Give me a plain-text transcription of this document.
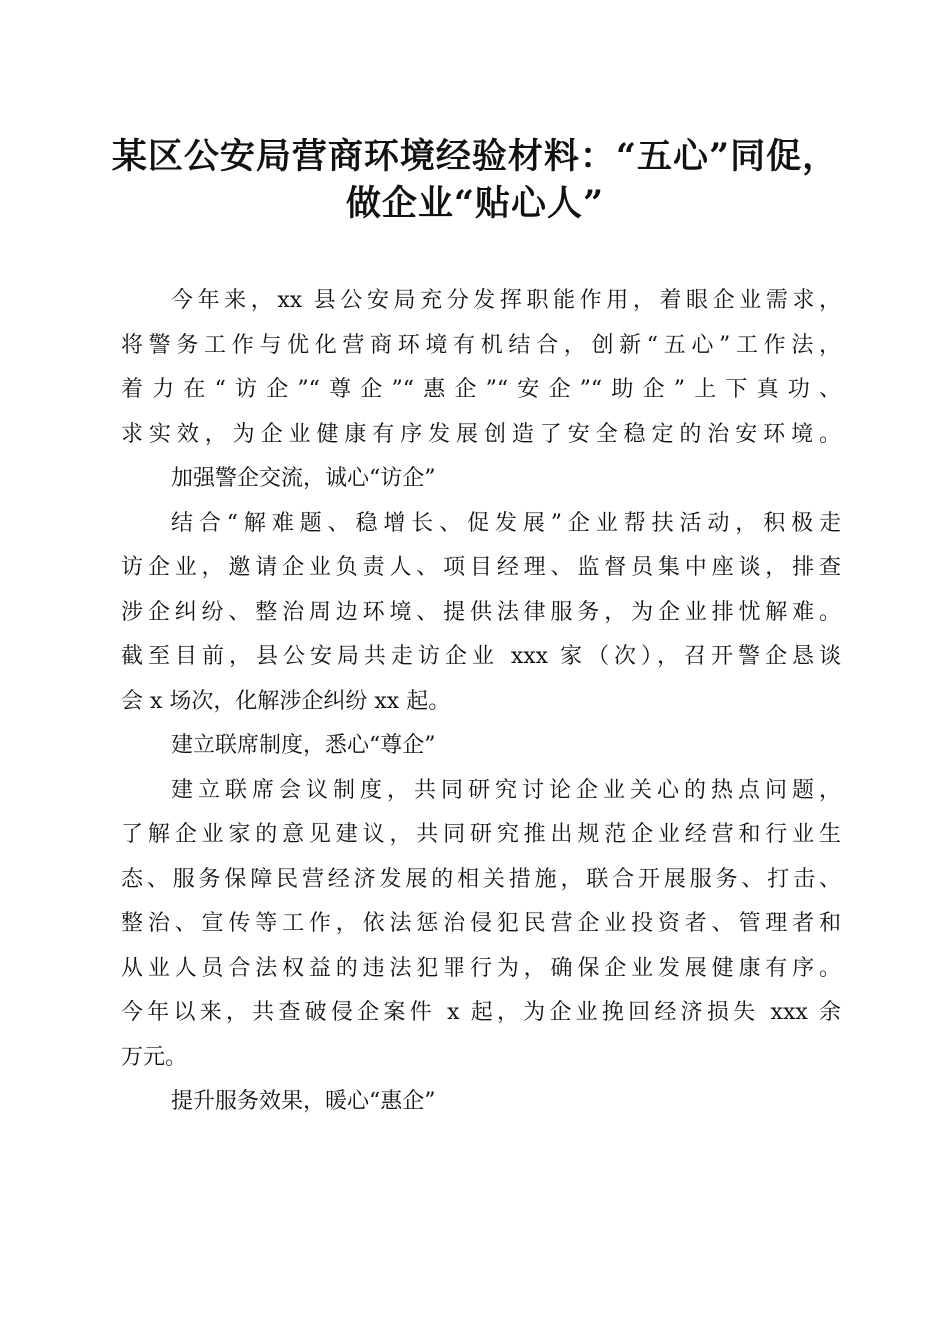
某区公安局营商环境经验材料：“五心”同促，
做企业“贴心人”
今年来，xx 县公安局充分发挥职能作用，着眼企业需求，
将警务工作与优化营商环境有机结合，创新“五心”工作法，
着力在“访企”“尊企”“惠企”“安企”“助企”上下真功、
求实效，为企业健康有序发展创造了安全稳定的治安环境。
加强警企交流，诚心“访企”
结合“解难题、稳增长、促发展”企业帮扶活动，积极走
访企业，邀请企业负责人、项目经理、监督员集中座谈，排查
涉企纠纷、整治周边环境、提供法律服务，为企业排忧解难。
截至目前，县公安局共走访企业 xxx 家（次），召开警企恳谈
会 x 场次，化解涉企纠纷 xx 起。
建立联席制度，悉心“尊企”
建立联席会议制度，共同研究讨论企业关心的热点问题，
了解企业家的意见建议，共同研究推出规范企业经营和行业生
态、服务保障民营经济发展的相关措施，联合开展服务、打击、
整治、宣传等工作，依法惩治侵犯民营企业投资者、管理者和
从业人员合法权益的违法犯罪行为，确保企业发展健康有序。
今年以来，共查破侵企案件 x 起，为企业挽回经济损失 xxx 余
万元。
提升服务效果，暖心“惠企”
